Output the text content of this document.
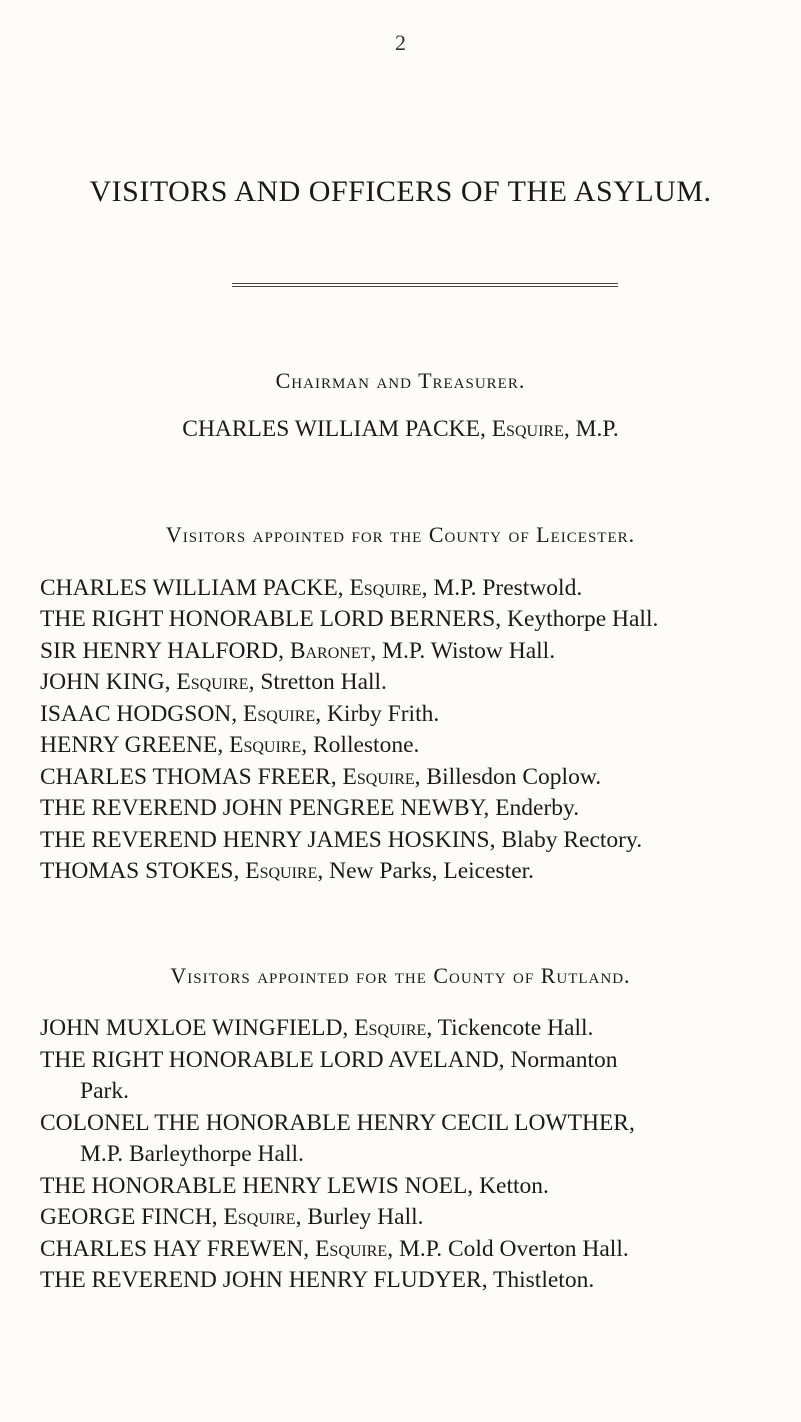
2
VISITORS AND OFFICERS OF THE ASYLUM.
Chairman and Treasurer.
CHARLES WILLIAM PACKE, Esquire, M.P.
Visitors appointed for the County of Leicester.
CHARLES WILLIAM PACKE, Esquire, M.P. Prestwold.
THE RIGHT HONORABLE LORD BERNERS, Keythorpe Hall.
SIR HENRY HALFORD, Baronet, M.P. Wistow Hall.
JOHN KING, Esquire, Stretton Hall.
ISAAC HODGSON, Esquire, Kirby Frith.
HENRY GREENE, Esquire, Rollestone.
CHARLES THOMAS FREER, Esquire, Billesdon Coplow.
THE REVEREND JOHN PENGREE NEWBY, Enderby.
THE REVEREND HENRY JAMES HOSKINS, Blaby Rectory.
THOMAS STOKES, Esquire, New Parks, Leicester.
Visitors appointed for the County of Rutland.
JOHN MUXLOE WINGFIELD, Esquire, Tickencote Hall.
THE RIGHT HONORABLE LORD AVELAND, Normanton
Park.
COLONEL THE HONORABLE HENRY CECIL LOWTHER,
M.P. Barleythorpe Hall.
THE HONORABLE HENRY LEWIS NOEL, Ketton.
GEORGE FINCH, Esquire, Burley Hall.
CHARLES HAY FREWEN, Esquire, M.P. Cold Overton Hall.
THE REVEREND JOHN HENRY FLUDYER, Thistleton.
